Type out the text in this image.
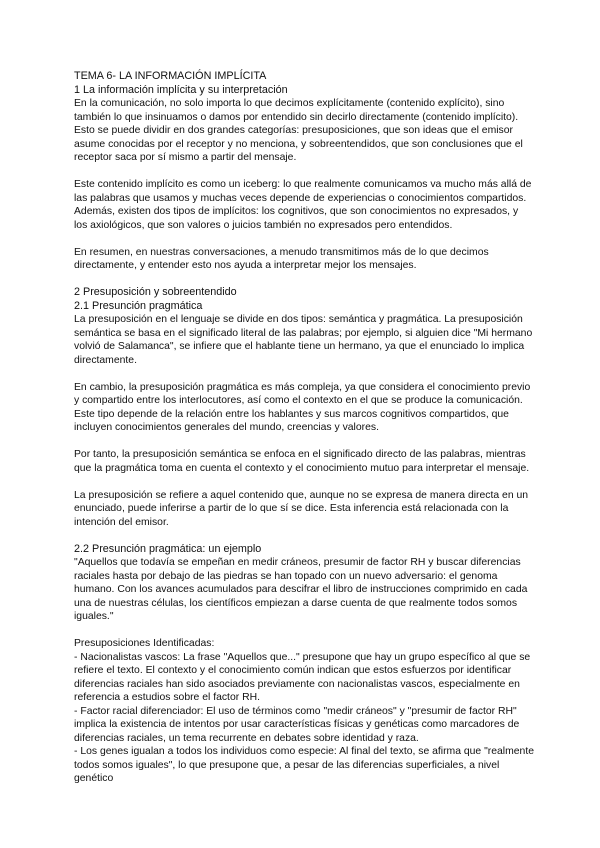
TEMA 6- LA INFORMACIÓN IMPLÍCITA

1 La información implícita y su interpretación

En la comunicación, no solo importa lo que decimos explícitamente (contenido explícito), sino también lo que insinuamos o damos por entendido sin decirlo directamente (contenido implícito). Esto se puede dividir en dos grandes categorías: presuposiciones, que son ideas que el emisor asume conocidas por el receptor y no menciona, y sobreentendidos, que son conclusiones que el receptor saca por sí mismo a partir del mensaje.

Este contenido implícito es como un iceberg: lo que realmente comunicamos va mucho más allá de las palabras que usamos y muchas veces depende de experiencias o conocimientos compartidos. Además, existen dos tipos de implícitos: los cognitivos, que son conocimientos no expresados, y los axiológicos, que son valores o juicios también no expresados pero entendidos.

En resumen, en nuestras conversaciones, a menudo transmitimos más de lo que decimos directamente, y entender esto nos ayuda a interpretar mejor los mensajes.

2 Presuposición y sobreentendido

2.1 Presunción pragmática

La presuposición en el lenguaje se divide en dos tipos: semántica y pragmática. La presuposición semántica se basa en el significado literal de las palabras; por ejemplo, si alguien dice "Mi hermano volvió de Salamanca", se infiere que el hablante tiene un hermano, ya que el enunciado lo implica directamente.

En cambio, la presuposición pragmática es más compleja, ya que considera el conocimiento previo y compartido entre los interlocutores, así como el contexto en el que se produce la comunicación. Este tipo depende de la relación entre los hablantes y sus marcos cognitivos compartidos, que incluyen conocimientos generales del mundo, creencias y valores.

Por tanto, la presuposición semántica se enfoca en el significado directo de las palabras, mientras que la pragmática toma en cuenta el contexto y el conocimiento mutuo para interpretar el mensaje.

La presuposición se refiere a aquel contenido que, aunque no se expresa de manera directa en un enunciado, puede inferirse a partir de lo que sí se dice. Esta inferencia está relacionada con la intención del emisor.

2.2 Presunción pragmática: un ejemplo

"Aquellos que todavía se empeñan en medir cráneos, presumir de factor RH y buscar diferencias raciales hasta por debajo de las piedras se han topado con un nuevo adversario: el genoma humano. Con los avances acumulados para descifrar el libro de instrucciones comprimido en cada una de nuestras células, los científicos empiezan a darse cuenta de que realmente todos somos iguales."

Presuposiciones Identificadas:

- Nacionalistas vascos: La frase "Aquellos que..." presupone que hay un grupo específico al que se refiere el texto. El contexto y el conocimiento común indican que estos esfuerzos por identificar diferencias raciales han sido asociados previamente con nacionalistas vascos, especialmente en referencia a estudios sobre el factor RH.

- Factor racial diferenciador: El uso de términos como "medir cráneos" y "presumir de factor RH" implica la existencia de intentos por usar características físicas y genéticas como marcadores de diferencias raciales, un tema recurrente en debates sobre identidad y raza.

- Los genes igualan a todos los individuos como especie: Al final del texto, se afirma que "realmente todos somos iguales", lo que presupone que, a pesar de las diferencias superficiales, a nivel genético
